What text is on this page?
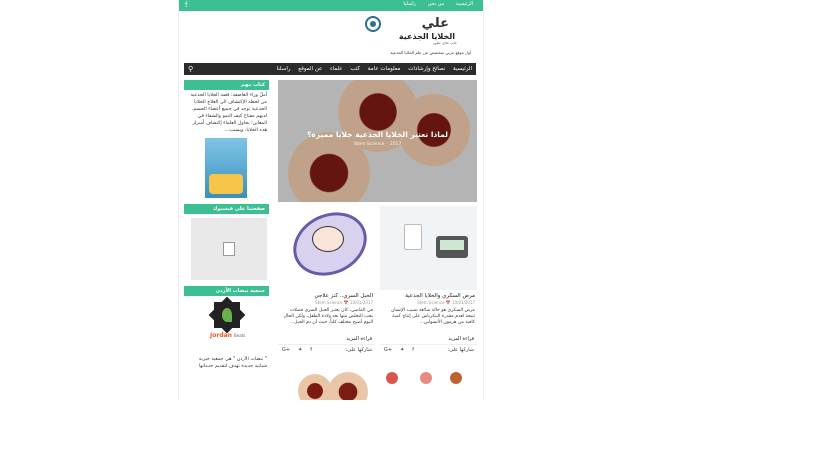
f	الرئيسية من نحن راسلنا
علي
الخلايا الجذعية
علم، علاج، تطور
أول موقع عربي متخصص عن علم الخلايا الجذعية
⚲	الرئيسية نصائح وإرشادات معلومات عامة كتب علماء عن الموقع راسلنا
كتاب مهم
أملٌ وراء العاصفة: قصة الخلايا الجذعية من لحظة الإكتشاف الى العلاج الخلايا الجذعية توجد في جميع أعضاء الجسم. لديهم مفتاح كيف النمو والشفاء في المعاين؛ يحاول العلماء إكتشاف أسرار هذه الخلايا. وبسبب...
صفحتنا على فيسبوك
جمعية نبضات الأردن
Jordan Beats
" نبضات الأردن " هي جمعية خيرية شبابية جديدة تهدف لتقديم خدماتها
لماذا تعتبر الخلايا الجذعية خلايا مميزة؟
Stem Science ◦ 2017
مرض السكري والخلايا الجذعية
Stem Science 📅 10/01/2017
مرض السكري هو حالة شائعة تصيب الإنسان نتيجة لعدم مقدرة البنكرياس على إنتاج كمية كافية من هرمون الأنسولين...
قراءة المزيد
شاركها على:
G+ ✦ f
الحبل السري.. كنز علاجي
Stem Science 📅 10/01/2017
في الماضي، كان يعتبر الحبل السري فضلات يجب التخلص منها بعد ولادة الطفل، ولكن الحال اليوم أصبح مختلف كلياً، حيث أن دم الحبل...
قراءة المزيد
شاركها على:
G+ ✦ f
